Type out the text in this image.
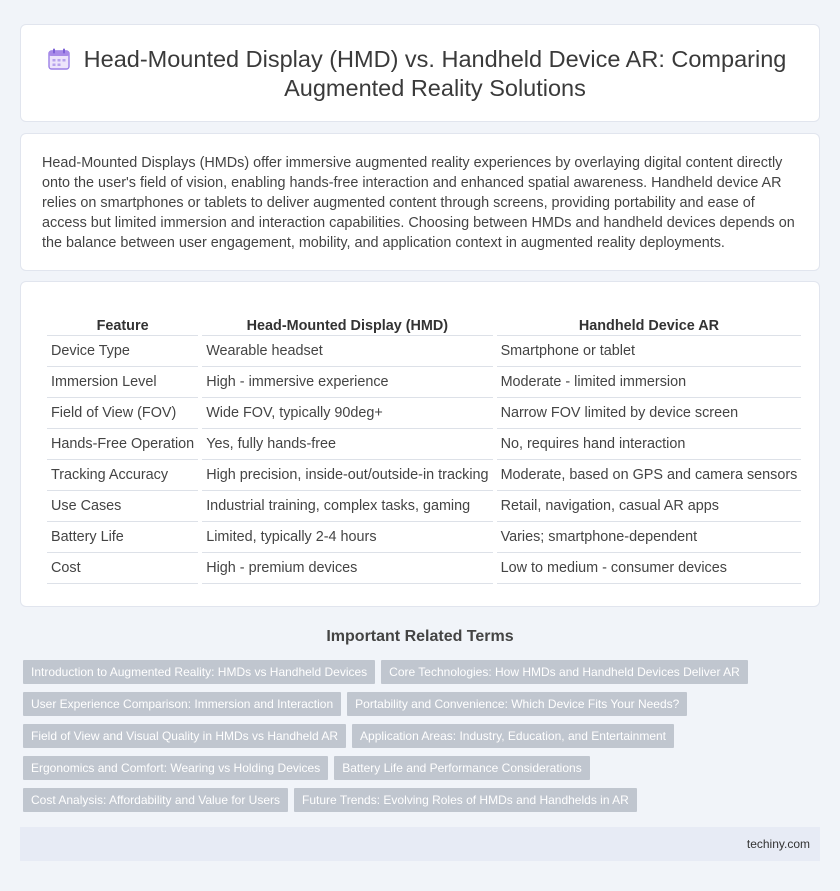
Head-Mounted Display (HMD) vs. Handheld Device AR: Comparing Augmented Reality Solutions

Head-Mounted Displays (HMDs) offer immersive augmented reality experiences by overlaying digital content directly onto the user's field of vision, enabling hands-free interaction and enhanced spatial awareness. Handheld device AR relies on smartphones or tablets to deliver augmented content through screens, providing portability and ease of access but limited immersion and interaction capabilities. Choosing between HMDs and handheld devices depends on the balance between user engagement, mobility, and application context in augmented reality deployments.

Feature	Head-Mounted Display (HMD)	Handheld Device AR
Device Type	Wearable headset	Smartphone or tablet
Immersion Level	High - immersive experience	Moderate - limited immersion
Field of View (FOV)	Wide FOV, typically 90deg+	Narrow FOV limited by device screen
Hands-Free Operation	Yes, fully hands-free	No, requires hand interaction
Tracking Accuracy	High precision, inside-out/outside-in tracking	Moderate, based on GPS and camera sensors
Use Cases	Industrial training, complex tasks, gaming	Retail, navigation, casual AR apps
Battery Life	Limited, typically 2-4 hours	Varies; smartphone-dependent
Cost	High - premium devices	Low to medium - consumer devices
Important Related Terms
Introduction to Augmented Reality: HMDs vs Handheld Devices Core Technologies: How HMDs and Handheld Devices Deliver AR
User Experience Comparison: Immersion and Interaction Portability and Convenience: Which Device Fits Your Needs?
Field of View and Visual Quality in HMDs vs Handheld AR Application Areas: Industry, Education, and Entertainment
Ergonomics and Comfort: Wearing vs Holding Devices Battery Life and Performance Considerations
Cost Analysis: Affordability and Value for Users Future Trends: Evolving Roles of HMDs and Handhelds in AR
techiny.com
